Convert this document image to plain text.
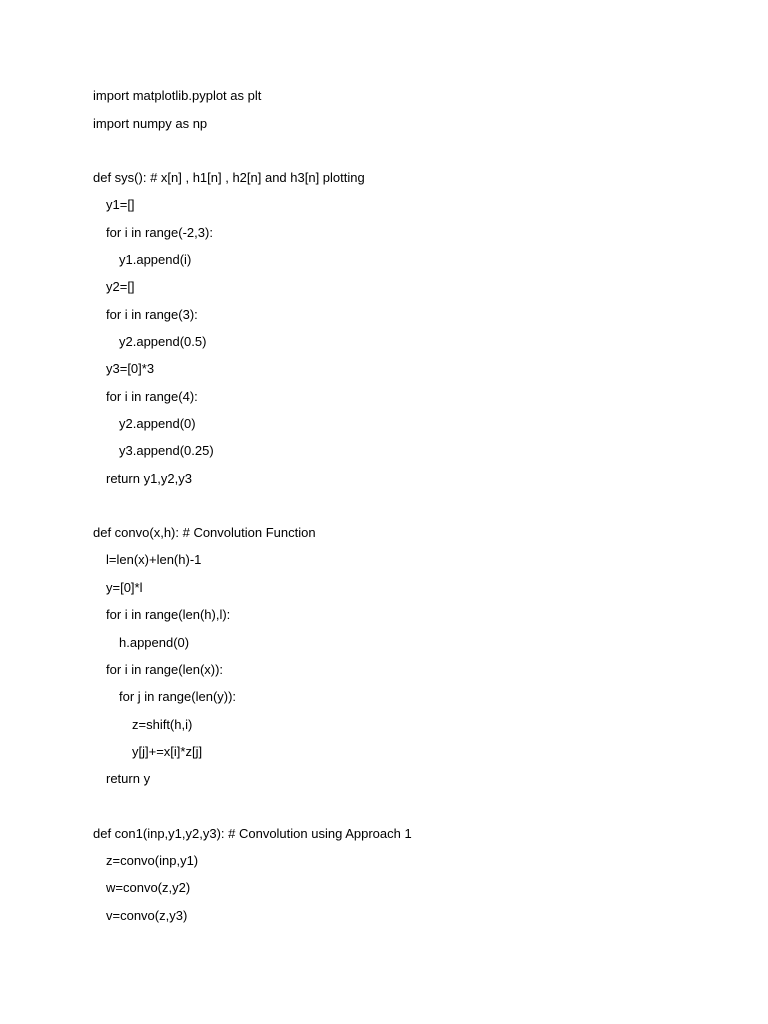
import matplotlib.pyplot as plt

import numpy as np

def sys(): # x[n] , h1[n] , h2[n] and h3[n] plotting

y1=[]

for i in range(-2,3):

y1.append(i)

y2=[]

for i in range(3):

y2.append(0.5)

y3=[0]*3

for i in range(4):

y2.append(0)

y3.append(0.25)

return y1,y2,y3

def convo(x,h): # Convolution Function

l=len(x)+len(h)-1

y=[0]*l

for i in range(len(h),l):

h.append(0)

for i in range(len(x)):

for j in range(len(y)):

z=shift(h,i)

y[j]+=x[i]*z[j]

return y

def con1(inp,y1,y2,y3): # Convolution using Approach 1

z=convo(inp,y1)

w=convo(z,y2)

v=convo(z,y3)
